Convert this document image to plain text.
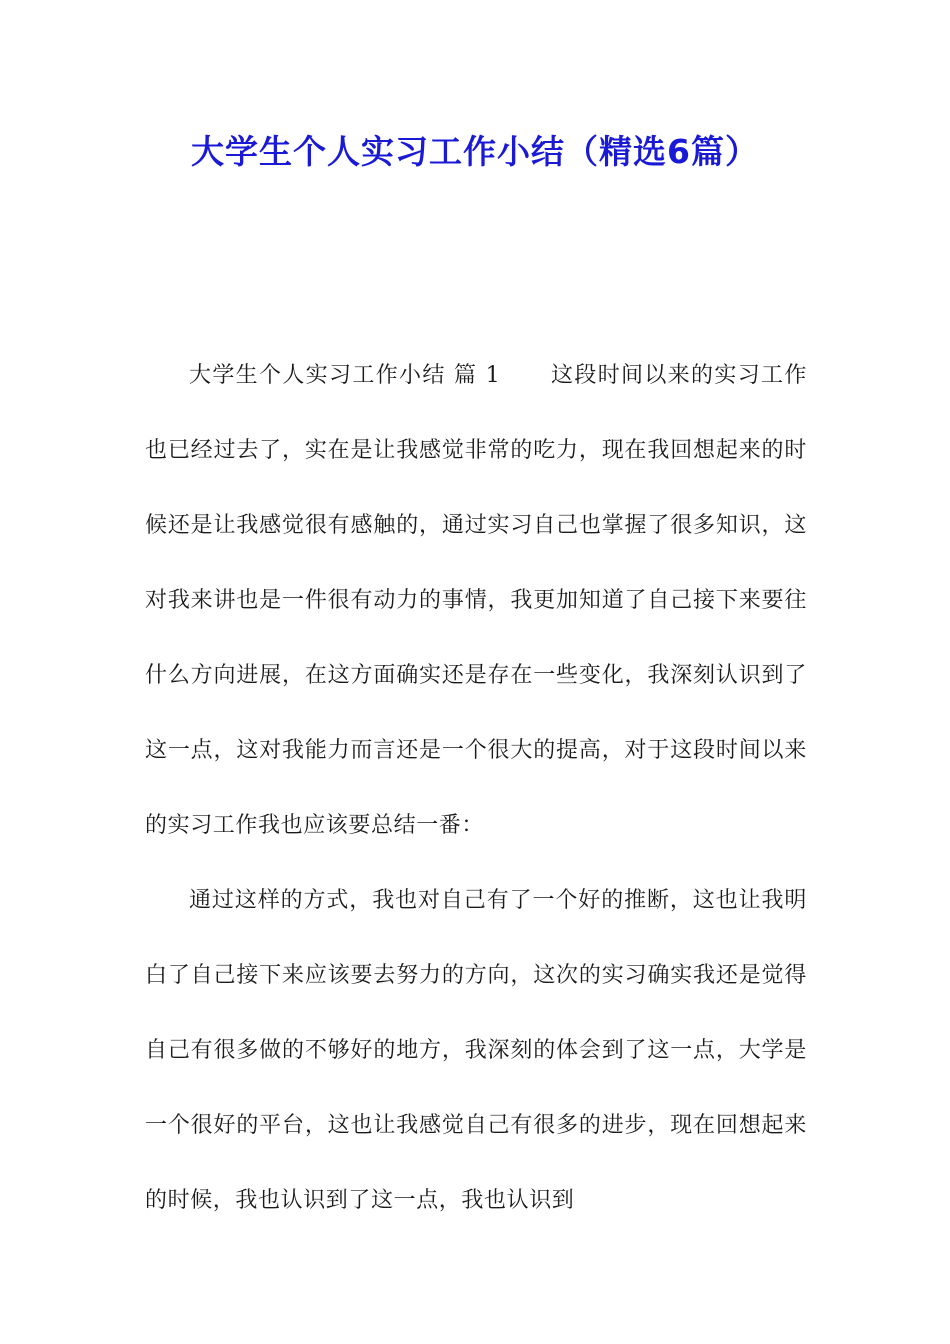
大学生个人实习工作小结（精选6篇）

大学生个人实习工作小结 篇 1 这段时间以来的实习工作也已经过去了，实在是让我感觉非常的吃力，现在我回想起来的时候还是让我感觉很有感触的，通过实习自己也掌握了很多知识，这对我来讲也是一件很有动力的事情，我更加知道了自己接下来要往什么方向进展，在这方面确实还是存在一些变化，我深刻认识到了这一点，这对我能力而言还是一个很大的提高，对于这段时间以来的实习工作我也应该要总结一番：

通过这样的方式，我也对自己有了一个好的推断，这也让我明白了自己接下来应该要去努力的方向，这次的实习确实我还是觉得自己有很多做的不够好的地方，我深刻的体会到了这一点，大学是一个很好的平台，这也让我感觉自己有很多的进步，现在回想起来的时候，我也认识到了这一点，我也认识到
